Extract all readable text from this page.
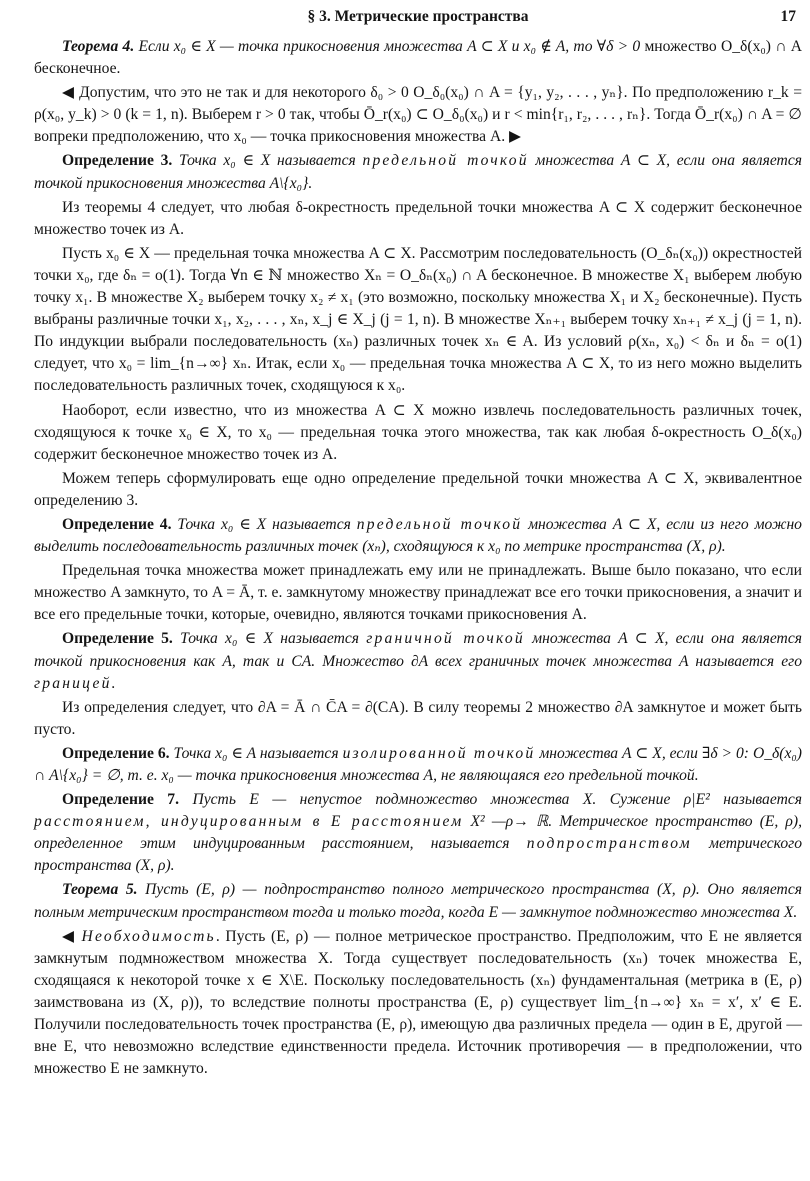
§ 3. Метрические пространства	17

Теорема 4. Если x₀ ∈ X — точка прикосновения множества A ⊂ X и x₀ ∉ A, то ∀δ > 0 множество O_δ(x₀) ∩ A бесконечное.

◀ Допустим, что это не так и для некоторого δ₀ > 0 O_δ₀(x₀) ∩ A = {y₁, y₂, . . . , yₙ}. По предположению r_k = ρ(x₀, y_k) > 0 (k = 1, n). Выберем r > 0 так, чтобы Ō_r(x₀) ⊂ O_δ₀(x₀) и r < min{r₁, r₂, . . . , rₙ}. Тогда Ō_r(x₀) ∩ A = ∅ вопреки предположению, что x₀ — точка прикосновения множества A. ▶

Определение 3. Точка x₀ ∈ X называется предельной точкой множества A ⊂ X, если она является точкой прикосновения множества A\{x₀}.

Из теоремы 4 следует, что любая δ-окрестность предельной точки множества A ⊂ X содержит бесконечное множество точек из A.

Пусть x₀ ∈ X — предельная точка множества A ⊂ X. Рассмотрим последовательность (O_δₙ(x₀)) окрестностей точки x₀, где δₙ = o(1). Тогда ∀n ∈ ℕ множество Xₙ = O_δₙ(x₀) ∩ A бесконечное. В множестве X₁ выберем любую точку x₁. В множестве X₂ выберем точку x₂ ≠ x₁ (это возможно, поскольку множества X₁ и X₂ бесконечные). Пусть выбраны различные точки x₁, x₂, . . . , xₙ, x_j ∈ X_j (j = 1, n). В множестве Xₙ₊₁ выберем точку xₙ₊₁ ≠ x_j (j = 1, n). По индукции выбрали последовательность (xₙ) различных точек xₙ ∈ A. Из условий ρ(xₙ, x₀) < δₙ и δₙ = o(1) следует, что x₀ = lim_{n→∞} xₙ. Итак, если x₀ — предельная точка множества A ⊂ X, то из него можно выделить последовательность различных точек, сходящуюся к x₀.

Наоборот, если известно, что из множества A ⊂ X можно извлечь последовательность различных точек, сходящуюся к точке x₀ ∈ X, то x₀ — предельная точка этого множества, так как любая δ-окрестность O_δ(x₀) содержит бесконечное множество точек из A.

Можем теперь сформулировать еще одно определение предельной точки множества A ⊂ X, эквивалентное определению 3.

Определение 4. Точка x₀ ∈ X называется предельной точкой множества A ⊂ X, если из него можно выделить последовательность различных точек (xₙ), сходящуюся к x₀ по метрике пространства (X, ρ).

Предельная точка множества может принадлежать ему или не принадлежать. Выше было показано, что если множество A замкнуто, то A = Ā, т. е. замкнутому множеству принадлежат все его точки прикосновения, а значит и все его предельные точки, которые, очевидно, являются точками прикосновения A.

Определение 5. Точка x₀ ∈ X называется граничной точкой множества A ⊂ X, если она является точкой прикосновения как A, так и CA. Множество ∂A всех граничных точек множества A называется его границей.

Из определения следует, что ∂A = Ā ∩ C̄A = ∂(CA). В силу теоремы 2 множество ∂A замкнутое и может быть пусто.

Определение 6. Точка x₀ ∈ A называется изолированной точкой множества A ⊂ X, если ∃δ > 0: O_δ(x₀) ∩ A\{x₀} = ∅, т. е. x₀ — точка прикосновения множества A, не являющаяся его предельной точкой.

Определение 7. Пусть E — непустое подмножество множества X. Сужение ρ|E² называется расстоянием, индуцированным в E расстоянием X² —ρ→ ℝ. Метрическое пространство (E, ρ), определенное этим индуцированным расстоянием, называется подпространством метрического пространства (X, ρ).

Теорема 5. Пусть (E, ρ) — подпространство полного метрического пространства (X, ρ). Оно является полным метрическим пространством тогда и только тогда, когда E — замкнутое подмножество множества X.

◀ Необходимость. Пусть (E, ρ) — полное метрическое пространство. Предположим, что E не является замкнутым подмножеством множества X. Тогда существует последовательность (xₙ) точек множества E, сходящаяся к некоторой точке x ∈ X\E. Поскольку последовательность (xₙ) фундаментальная (метрика в (E, ρ) заимствована из (X, ρ)), то вследствие полноты пространства (E, ρ) существует lim_{n→∞} xₙ = x′, x′ ∈ E. Получили последовательность точек пространства (E, ρ), имеющую два различных предела — один в E, другой — вне E, что невозможно вследствие единственности предела. Источник противоречия — в предположении, что множество E не замкнуто.
